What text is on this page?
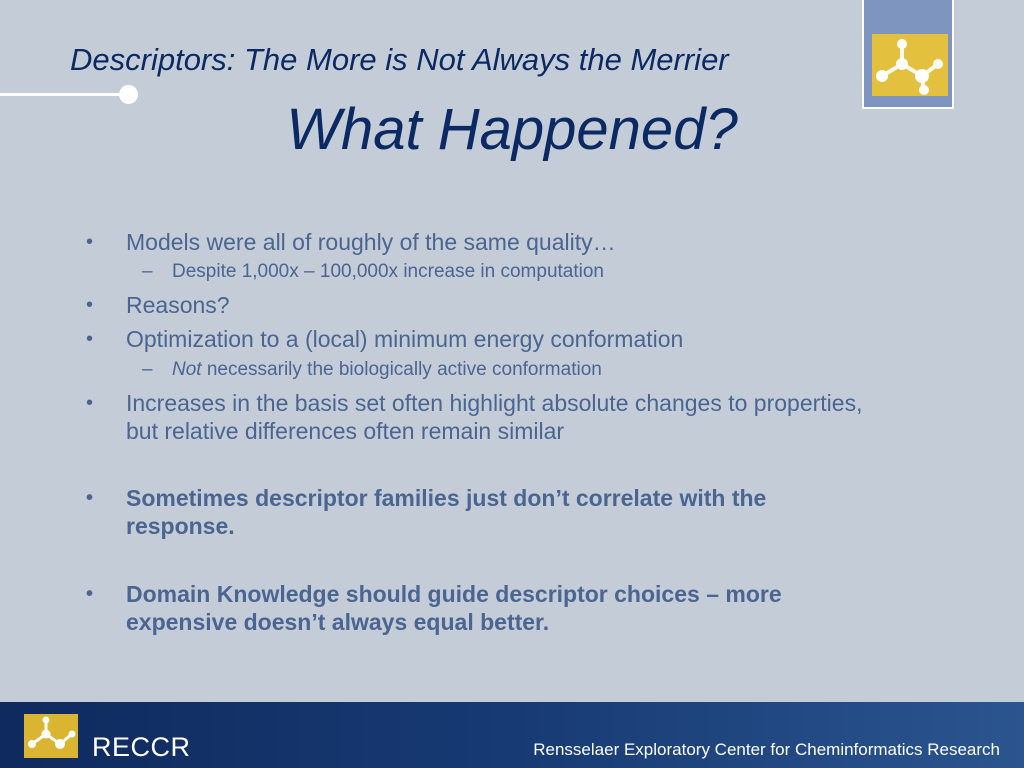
Descriptors: The More is Not Always the Merrier
What Happened?
• Models were all of roughly of the same quality…
– Despite 1,000x – 100,000x increase in computation
• Reasons?
• Optimization to a (local) minimum energy conformation
– Not necessarily the biologically active conformation
• Increases in the basis set often highlight absolute changes to properties, but relative differences often remain similar
• Sometimes descriptor families just don’t correlate with the response.
• Domain Knowledge should guide descriptor choices – more expensive doesn’t always equal better.
RECCR	Rensselaer Exploratory Center for Cheminformatics Research
